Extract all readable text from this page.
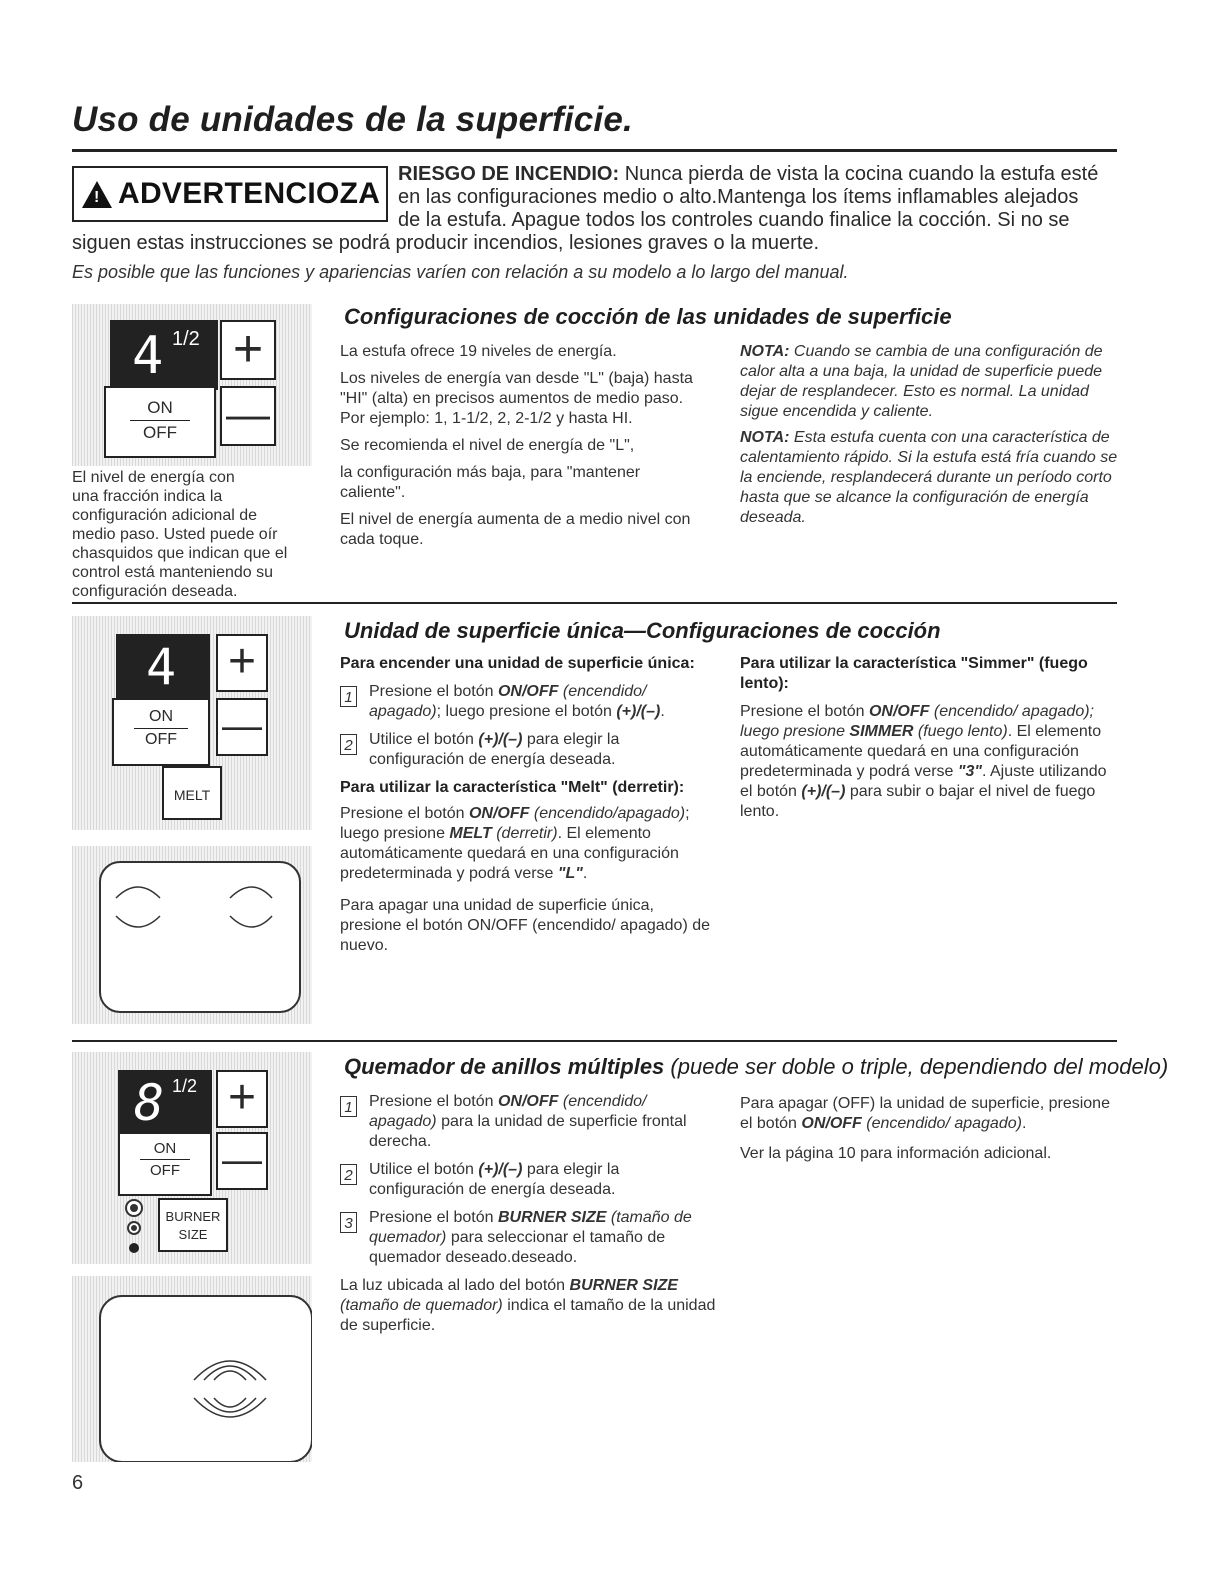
Uso de unidades de la superficie.
! ADVERTENCIOZA
RIESGO DE INCENDIO: Nunca pierda de vista la cocina cuando la estufa esté
en las configuraciones medio o alto.Mantenga los ítems inflamables alejados
de la estufa. Apague todos los controles cuando finalice la cocción. Si no se
siguen estas instrucciones se podrá producir incendios, lesiones graves o la muerte.
Es posible que las funciones y apariencias varíen con relación a su modelo a lo largo del manual.
4 1/2 +
ON
OFF	—
El nivel de energía con
una fracción indica la
configuración adicional de
medio paso. Usted puede oír
chasquidos que indican que el
control está manteniendo su
configuración deseada.
Configuraciones de cocción de las unidades de superficie

La estufa ofrece 19 niveles de energía.

Los niveles de energía van desde "L" (baja) hasta "HI" (alta) en precisos aumentos de medio paso. Por ejemplo: 1, 1-1/2, 2, 2-1/2 y hasta HI.

Se recomienda el nivel de energía de "L",

la configuración más baja, para "mantener caliente".

El nivel de energía aumenta de a medio nivel con cada toque.

NOTA: Cuando se cambia de una configuración de calor alta a una baja, la unidad de superficie puede dejar de resplandecer. Esto es normal. La unidad sigue encendida y caliente.

NOTA: Esta estufa cuenta con una característica de calentamiento rápido. Si la estufa está fría cuando se la enciende, resplandecerá durante un período corto hasta que se alcance la configuración de energía deseada.

4 +
ON
OFF	—
MELT
Unidad de superficie única—Configuraciones de cocción
Para encender una unidad de superficie única:
1 Presione el botón ON/OFF (encendido/ apagado); luego presione el botón (+)/(–).
2 Utilice el botón (+)/(–) para elegir la configuración de energía deseada.
Para utilizar la característica "Melt" (derretir):

Presione el botón ON/OFF (encendido/apagado); luego presione MELT (derretir). El elemento automáticamente quedará en una configuración predeterminada y podrá verse "L".

Para apagar una unidad de superficie única, presione el botón ON/OFF (encendido/ apagado) de nuevo.

Para utilizar la característica "Simmer" (fuego lento):

Presione el botón ON/OFF (encendido/ apagado); luego presione SIMMER (fuego lento). El elemento automáticamente quedará en una configuración predeterminada y podrá verse "3". Ajuste utilizando el botón (+)/(–) para subir o bajar el nivel de fuego lento.

8 1/2 +
ON
OFF	—
BURNER
SIZE
Quemador de anillos múltiples (puede ser doble o triple, dependiendo del modelo)
1 Presione el botón ON/OFF (encendido/ apagado) para la unidad de superficie frontal derecha.
2 Utilice el botón (+)/(–) para elegir la configuración de energía deseada.
3 Presione el botón BURNER SIZE (tamaño de quemador) para seleccionar el tamaño de quemador deseado.deseado.

La luz ubicada al lado del botón BURNER SIZE (tamaño de quemador) indica el tamaño de la unidad de superficie.

Para apagar (OFF) la unidad de superficie, presione el botón ON/OFF (encendido/ apagado).

Ver la página 10 para información adicional.

6
